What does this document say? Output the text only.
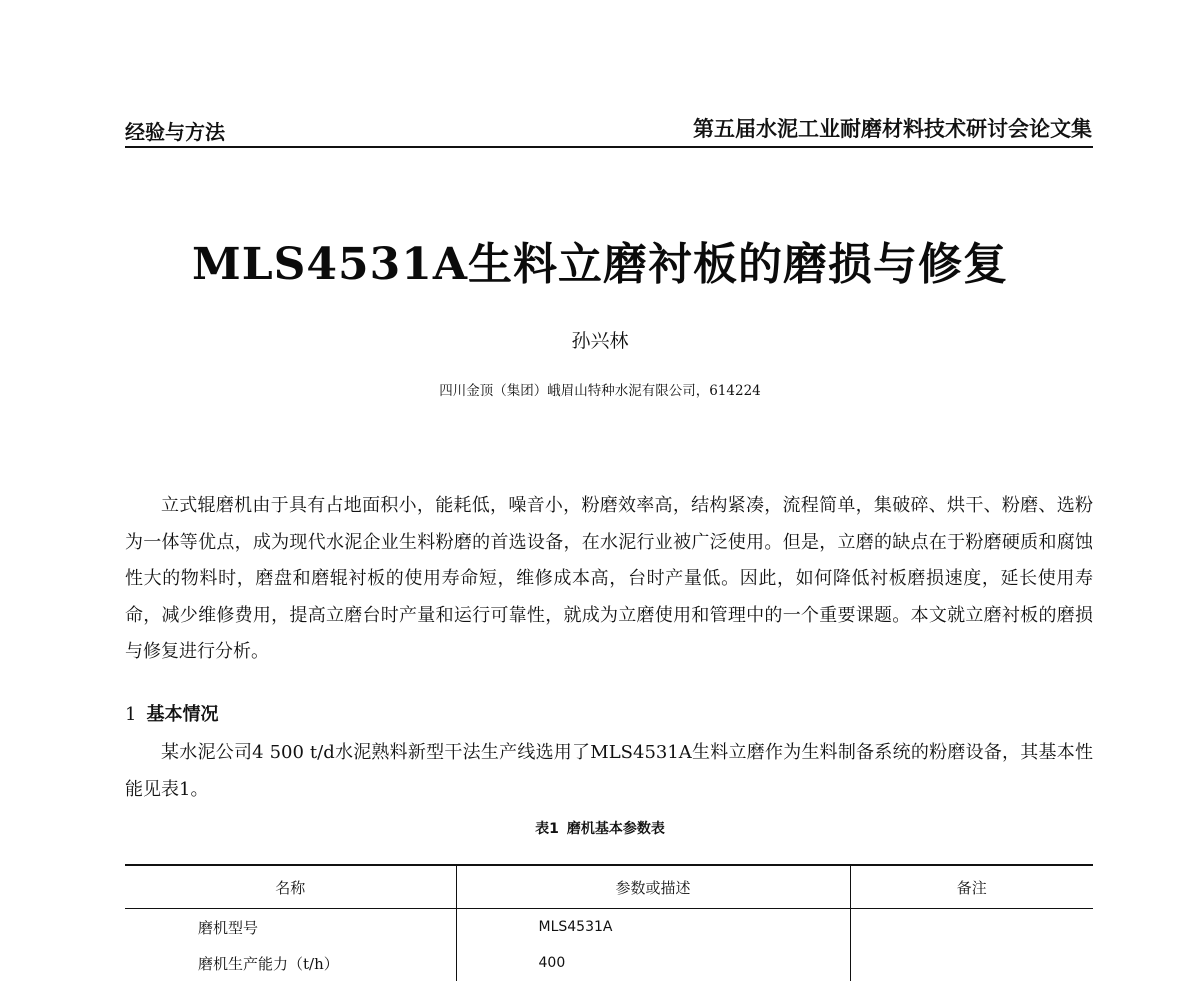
经验与方法	第五届水泥工业耐磨材料技术研讨会论文集
MLS4531A生料立磨衬板的磨损与修复
孙兴林
四川金顶（集团）峨眉山特种水泥有限公司，614224

立式辊磨机由于具有占地面积小，能耗低，噪音小，粉磨效率高，结构紧凑，流程简单，集破碎、烘干、粉磨、选粉为一体等优点，成为现代水泥企业生料粉磨的首选设备，在水泥行业被广泛使用。但是，立磨的缺点在于粉磨硬质和腐蚀性大的物料时，磨盘和磨辊衬板的使用寿命短，维修成本高，台时产量低。因此，如何降低衬板磨损速度，延长使用寿命，减少维修费用，提高立磨台时产量和运行可靠性，就成为立磨使用和管理中的一个重要课题。本文就立磨衬板的磨损与修复进行分析。

1 基本情况

某水泥公司4 500 t/d水泥熟料新型干法生产线选用了MLS4531A生料立磨作为生料制备系统的粉磨设备，其基本性能见表1。

表1 磨机基本参数表
名称	参数或描述	备注
磨机型号	MLS4531A	
磨机生产能力（t/h）	400	
